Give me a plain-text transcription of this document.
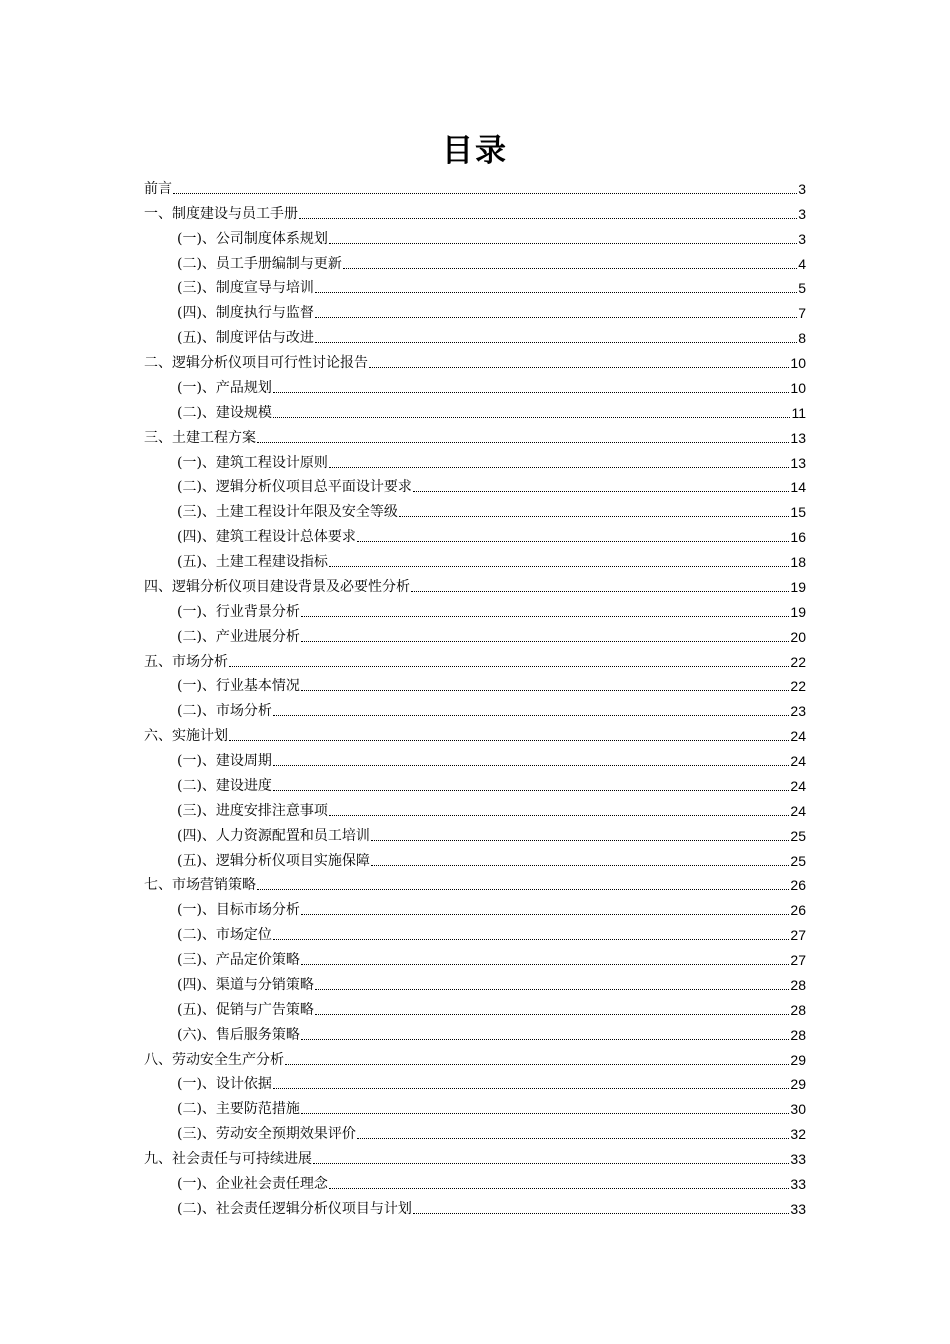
目录
前言	3
一、制度建设与员工手册	3
(一)、公司制度体系规划	3
(二)、员工手册编制与更新	4
(三)、制度宣导与培训	5
(四)、制度执行与监督	7
(五)、制度评估与改进	8
二、逻辑分析仪项目可行性讨论报告	10
(一)、产品规划	10
(二)、建设规模	11
三、土建工程方案	13
(一)、建筑工程设计原则	13
(二)、逻辑分析仪项目总平面设计要求	14
(三)、土建工程设计年限及安全等级	15
(四)、建筑工程设计总体要求	16
(五)、土建工程建设指标	18
四、逻辑分析仪项目建设背景及必要性分析	19
(一)、行业背景分析	19
(二)、产业进展分析	20
五、市场分析	22
(一)、行业基本情况	22
(二)、市场分析	23
六、实施计划	24
(一)、建设周期	24
(二)、建设进度	24
(三)、进度安排注意事项	24
(四)、人力资源配置和员工培训	25
(五)、逻辑分析仪项目实施保障	25
七、市场营销策略	26
(一)、目标市场分析	26
(二)、市场定位	27
(三)、产品定价策略	27
(四)、渠道与分销策略	28
(五)、促销与广告策略	28
(六)、售后服务策略	28
八、劳动安全生产分析	29
(一)、设计依据	29
(二)、主要防范措施	30
(三)、劳动安全预期效果评价	32
九、社会责任与可持续进展	33
(一)、企业社会责任理念	33
(二)、社会责任逻辑分析仪项目与计划	33
